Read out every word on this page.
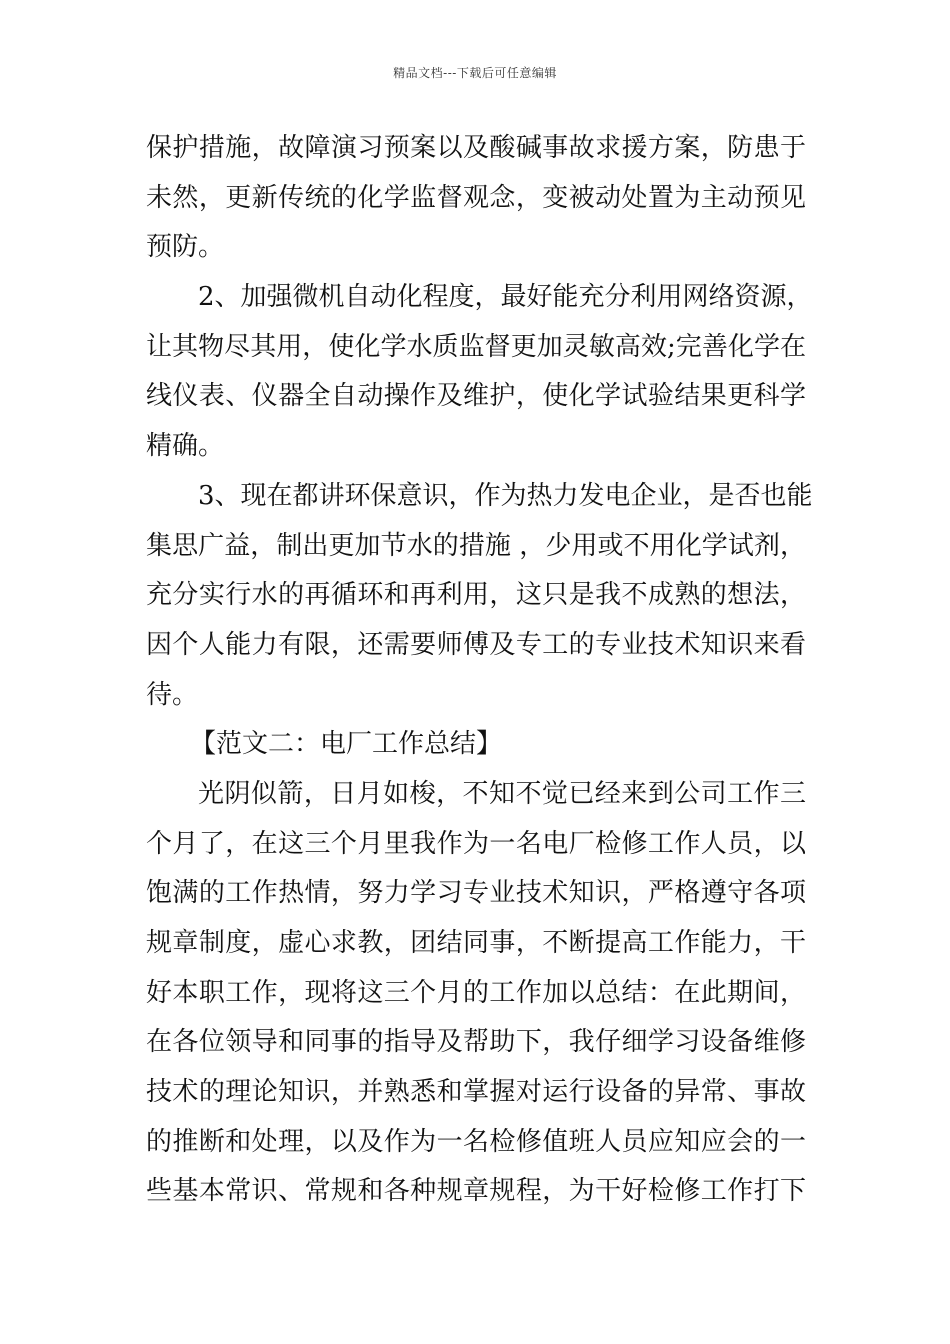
精品文档---下载后可任意编辑
保护措施，故障演习预案以及酸碱事故求援方案，防患于
未然，更新传统的化学监督观念，变被动处置为主动预见
预防。
2、加强微机自动化程度，最好能充分利用网络资源，
让其物尽其用，使化学水质监督更加灵敏高效;完善化学在
线仪表、仪器全自动操作及维护，使化学试验结果更科学
精确。
3、现在都讲环保意识，作为热力发电企业，是否也能
集思广益，制出更加节水的措施 ，少用或不用化学试剂，
充分实行水的再循环和再利用，这只是我不成熟的想法，
因个人能力有限，还需要师傅及专工的专业技术知识来看
待。
【范文二：电厂工作总结】
光阴似箭，日月如梭，不知不觉已经来到公司工作三
个月了，在这三个月里我作为一名电厂检修工作人员，以
饱满的工作热情，努力学习专业技术知识，严格遵守各项
规章制度，虚心求教，团结同事，不断提高工作能力，干
好本职工作，现将这三个月的工作加以总结：在此期间，
在各位领导和同事的指导及帮助下，我仔细学习设备维修
技术的理论知识，并熟悉和掌握对运行设备的异常、事故
的推断和处理，以及作为一名检修值班人员应知应会的一
些基本常识、常规和各种规章规程，为干好检修工作打下
